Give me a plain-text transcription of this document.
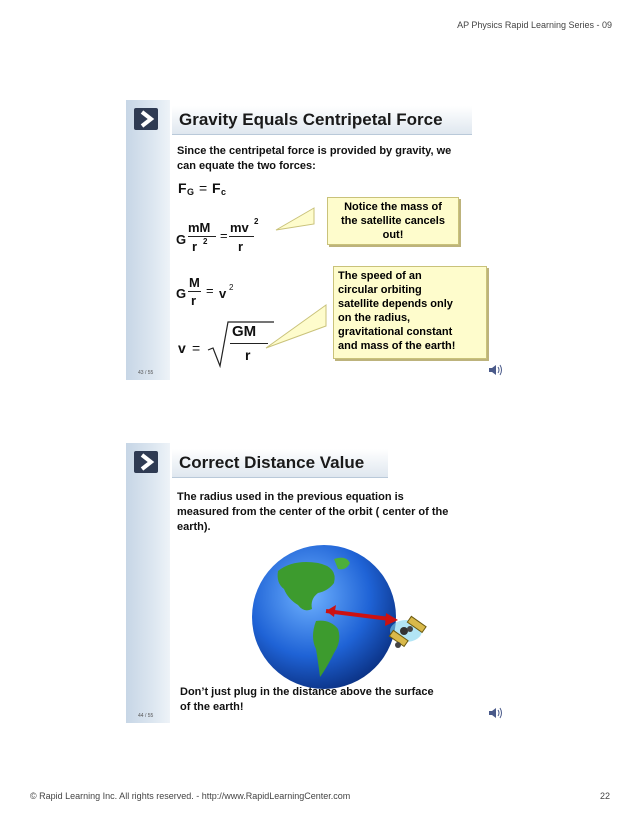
AP Physics Rapid Learning Series - 09
43 / 55
Gravity Equals Centripetal Force
Since the centripetal force is provided by gravity, we
can equate the two forces:
F G = F c
G
mM
r 2 =
mv 2
r
G
M
r
= v 2
v =
GM
r
Notice the mass of
the satellite cancels
out!
The speed of an
circular orbiting
satellite depends only
on the radius,
gravitational constant
and mass of the earth!
44 / 55
Correct Distance Value
The radius used in the previous equation is
measured from the center of the orbit ( center of the
earth).
Don’t just plug in the distance above the surface
of the earth!
© Rapid Learning Inc. All rights reserved. - http://www.RapidLearningCenter.com	22
